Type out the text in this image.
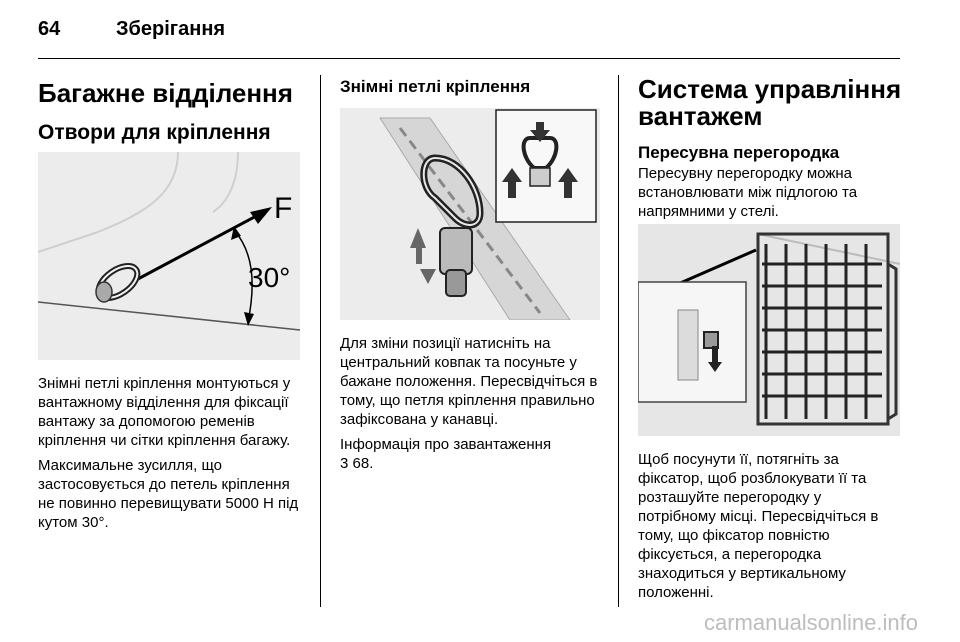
64	Зберігання
Багажне відділення
Отвори для кріплення
F
30°

Знімні петлі кріплення монтуються у вантажному відділення для фіксації вантажу за допомогою ременів кріплення чи сітки кріплення багажу.

Максимальне зусилля, що застосовується до петель кріплення не повинно перевищувати 5000 Н під кутом 30°.

Знімні петлі кріплення

Для зміни позиції натисніть на центральний ковпак та посуньте у бажане положення. Пересвідчіться в тому, що петля кріплення правильно зафіксована у канавці.

Інформація про завантаження

3 68.

Система управління вантажем
Пересувна перегородка

Пересувну перегородку можна встановлювати між підлогою та напрямними у стелі.

Щоб посунути її, потягніть за фіксатор, щоб розблокувати її та розташуйте перегородку у потрібному місці. Пересвідчіться в тому, що фіксатор повністю фіксується, а перегородка знаходиться у вертикальному положенні.

carmanualsonline.info
